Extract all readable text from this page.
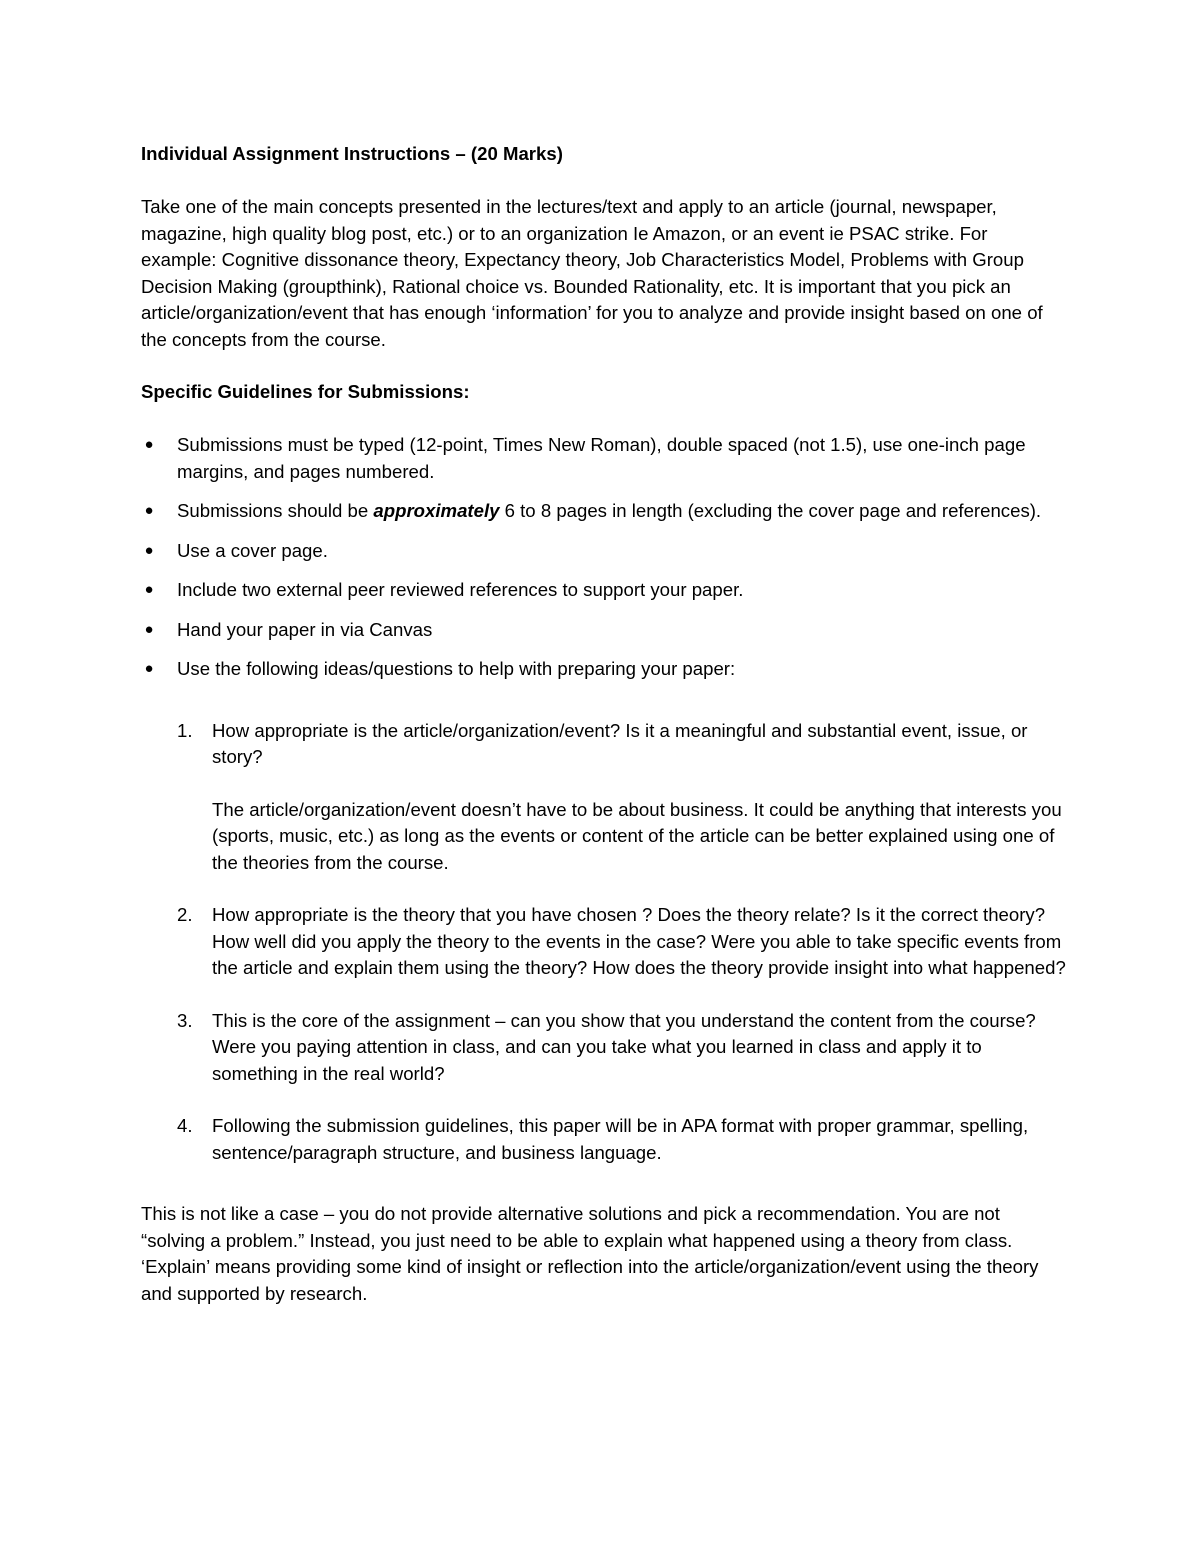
Individual Assignment Instructions – (20 Marks)
Take one of the main concepts presented in the lectures/text and apply to an article (journal, newspaper, magazine, high quality blog post, etc.) or to an organization Ie Amazon, or an event ie PSAC strike. For example: Cognitive dissonance theory, Expectancy theory, Job Characteristics Model, Problems with Group Decision Making (groupthink), Rational choice vs. Bounded Rationality, etc. It is important that you pick an article/organization/event that has enough ‘information’ for you to analyze and provide insight based on one of the concepts from the course.
Specific Guidelines for Submissions:
● Submissions must be typed (12-point, Times New Roman), double spaced (not 1.5), use one-inch page margins, and pages numbered.
● Submissions should be approximately 6 to 8 pages in length (excluding the cover page and references).
● Use a cover page.
● Include two external peer reviewed references to support your paper.
● Hand your paper in via Canvas
● Use the following ideas/questions to help with preparing your paper:
1. How appropriate is the article/organization/event? Is it a meaningful and substantial event, issue, or story?
The article/organization/event doesn’t have to be about business. It could be anything that interests you (sports, music, etc.) as long as the events or content of the article can be better explained using one of the theories from the course.
2. How appropriate is the theory that you have chosen ? Does the theory relate? Is it the correct theory? How well did you apply the theory to the events in the case? Were you able to take specific events from the article and explain them using the theory? How does the theory provide insight into what happened?
3. This is the core of the assignment – can you show that you understand the content from the course? Were you paying attention in class, and can you take what you learned in class and apply it to something in the real world?
4. Following the submission guidelines, this paper will be in APA format with proper grammar, spelling, sentence/paragraph structure, and business language.
This is not like a case – you do not provide alternative solutions and pick a recommendation. You are not “solving a problem.” Instead, you just need to be able to explain what happened using a theory from class. ‘Explain’ means providing some kind of insight or reflection into the article/organization/event using the theory and supported by research.
